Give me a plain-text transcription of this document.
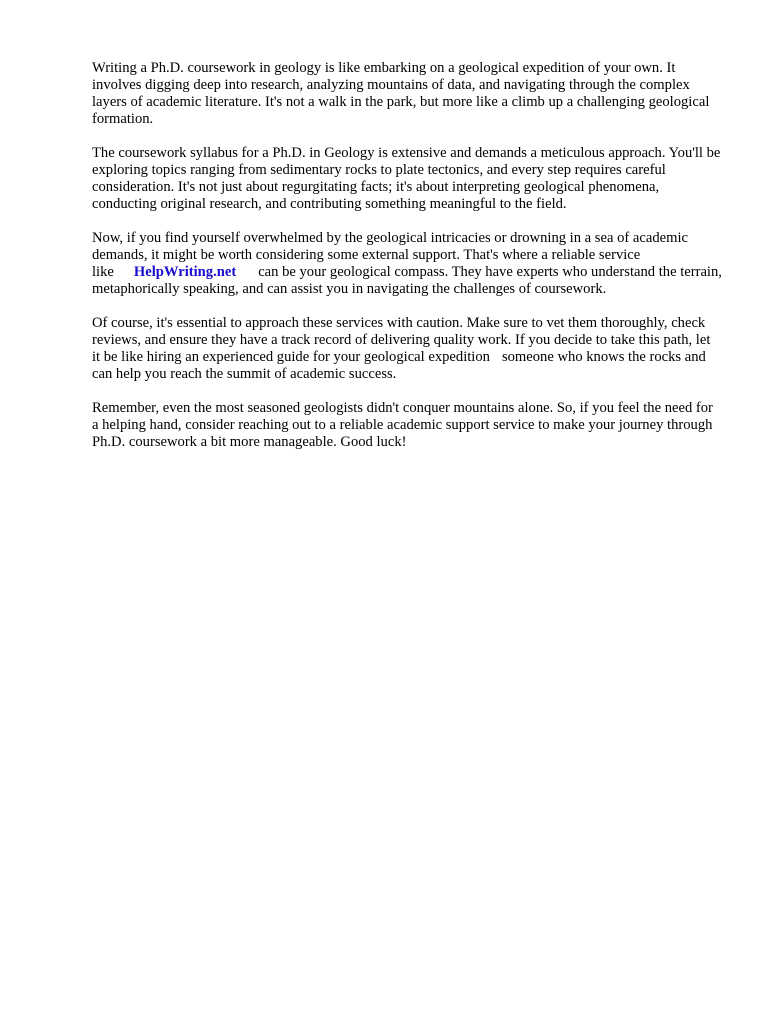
Writing a Ph.D. coursework in geology is like embarking on a geological expedition of your own. It involves digging deep into research, analyzing mountains of data, and navigating through the complex layers of academic literature. It's not a walk in the park, but more like a climb up a challenging geological formation.

The coursework syllabus for a Ph.D. in Geology is extensive and demands a meticulous approach. You'll be exploring topics ranging from sedimentary rocks to plate tectonics, and every step requires careful consideration. It's not just about regurgitating facts; it's about interpreting geological phenomena, conducting original research, and contributing something meaningful to the field.

Now, if you find yourself overwhelmed by the geological intricacies or drowning in a sea of academic demands, it might be worth considering some external support. That's where a reliable service like HelpWriting.net can be your geological compass. They have experts who understand the terrain, metaphorically speaking, and can assist you in navigating the challenges of coursework.

Of course, it's essential to approach these services with caution. Make sure to vet them thoroughly, check reviews, and ensure they have a track record of delivering quality work. If you decide to take this path, let it be like hiring an experienced guide for your geological expedition someone who knows the rocks and can help you reach the summit of academic success.

Remember, even the most seasoned geologists didn't conquer mountains alone. So, if you feel the need for a helping hand, consider reaching out to a reliable academic support service to make your journey through Ph.D. coursework a bit more manageable. Good luck!
